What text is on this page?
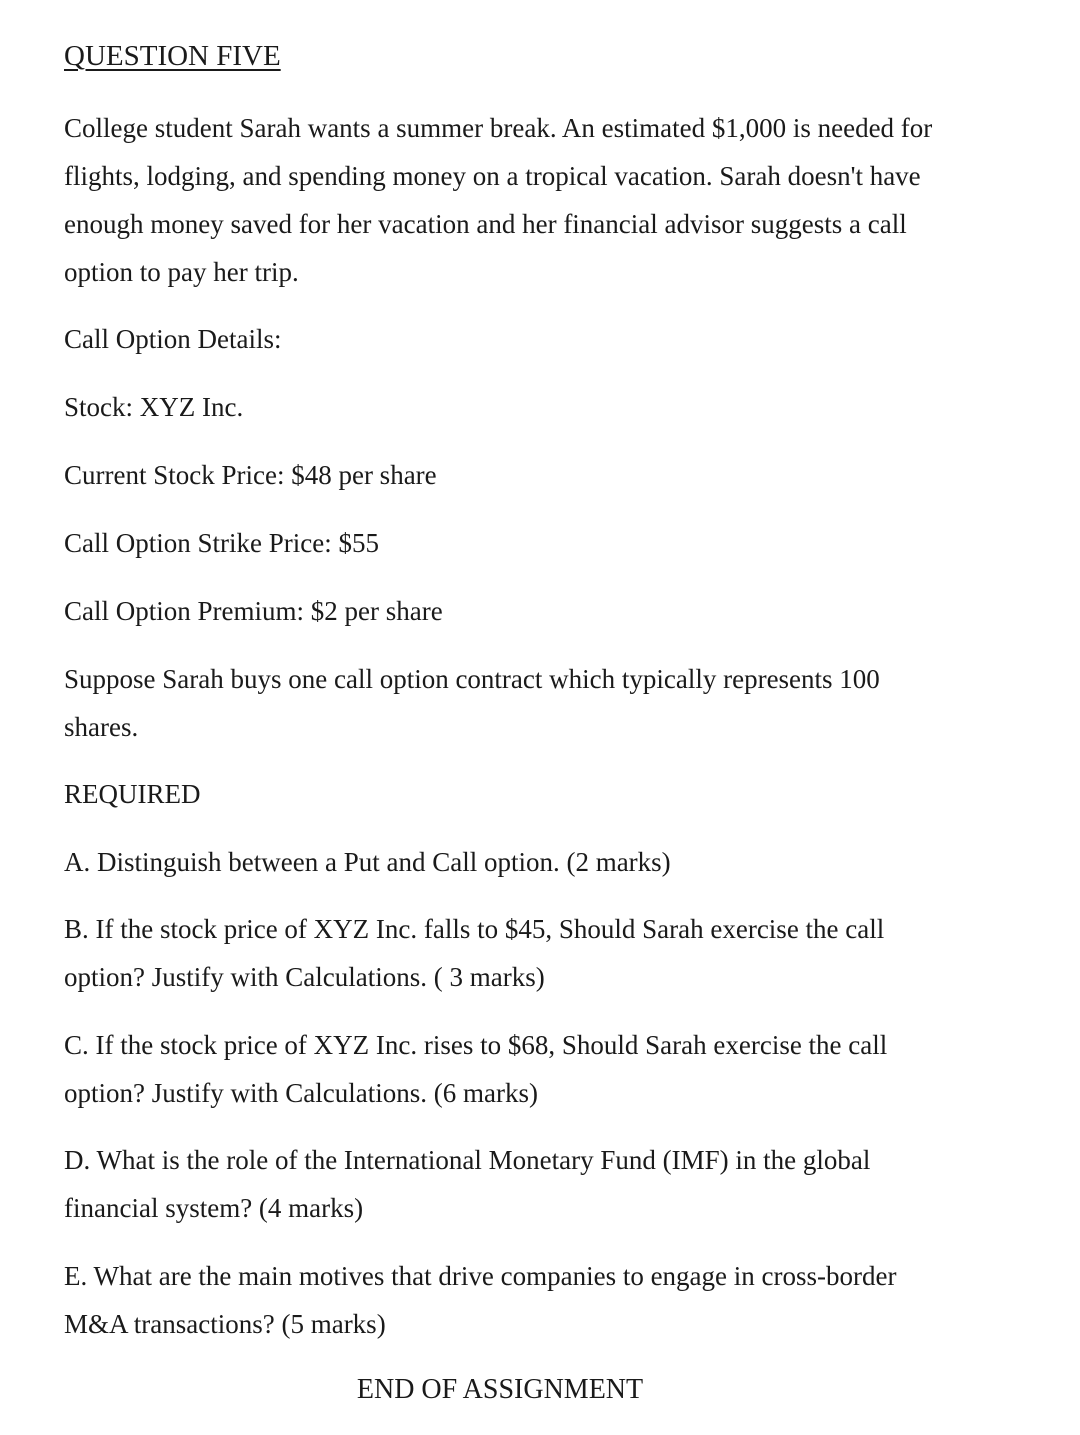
QUESTION FIVE
College student Sarah wants a summer break. An estimated $1,000 is needed for
flights, lodging, and spending money on a tropical vacation. Sarah doesn't have
enough money saved for her vacation and her financial advisor suggests a call
option to pay her trip.
Call Option Details:
Stock: XYZ Inc.
Current Stock Price: $48 per share
Call Option Strike Price: $55
Call Option Premium: $2 per share
Suppose Sarah buys one call option contract which typically represents 100
shares.
REQUIRED
A. Distinguish between a Put and Call option. (2 marks)
B. If the stock price of XYZ Inc. falls to $45, Should Sarah exercise the call
option? Justify with Calculations. ( 3 marks)
C. If the stock price of XYZ Inc. rises to $68, Should Sarah exercise the call
option? Justify with Calculations. (6 marks)
D. What is the role of the International Monetary Fund (IMF) in the global
financial system? (4 marks)
E. What are the main motives that drive companies to engage in cross-border
M&A transactions? (5 marks)
END OF ASSIGNMENT
